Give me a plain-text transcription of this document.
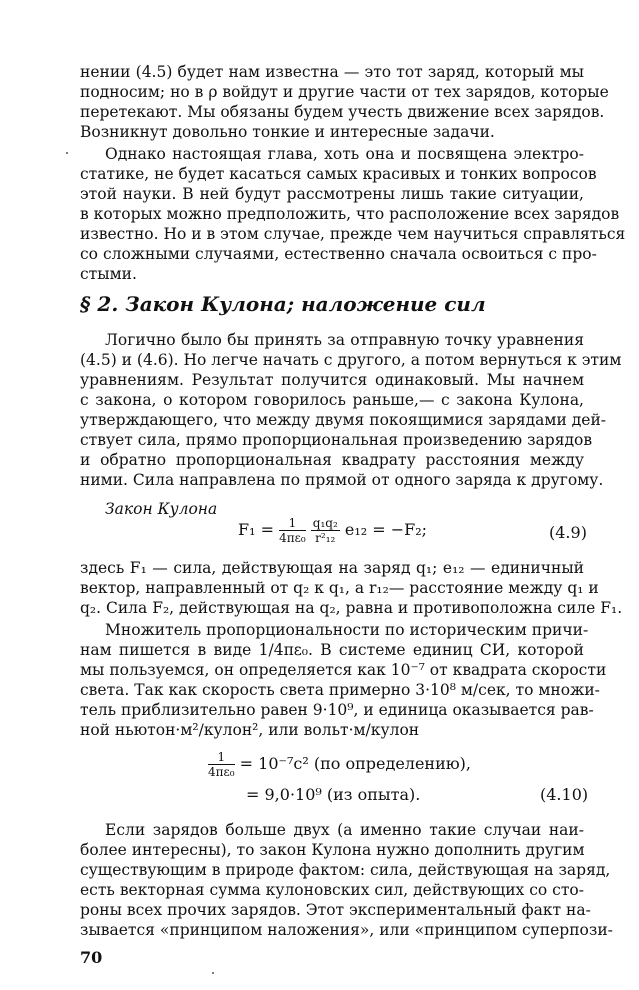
нении (4.5) будет нам известна — это тот заряд, который мы
подносим; но в ρ войдут и другие части от тех зарядов, которые
перетекают. Мы обязаны будем учесть движение всех зарядов.
Возникнут довольно тонкие и интересные задачи.
Однако настоящая глава, хоть она и посвящена электро-
статике, не будет касаться самых красивых и тонких вопросов
этой науки. В ней будут рассмотрены лишь такие ситуации,
в которых можно предположить, что расположение всех зарядов
известно. Но и в этом случае, прежде чем научиться справляться
со сложными случаями, естественно сначала освоиться с про-
стыми.
§ 2. Закон Кулона; наложение сил
Логично было бы принять за отправную точку уравнения
(4.5) и (4.6). Но легче начать с другого, а потом вернуться к этим
уравнениям. Результат получится одинаковый. Мы начнем
с закона, о котором говорилось раньше,— с закона Кулона,
утверждающего, что между двумя покоящимися зарядами дей-
ствует сила, прямо пропорциональная произведению зарядов
и обратно пропорциональная квадрату расстояния между
ними. Сила направлена по прямой от одного заряда к другому.
Закон Кулона
$F_1 = \frac{1}{\text{4πε₀}}$
$\frac{\text{q₁q₂}}{\text{r²₁₂}} e_{12} = -F_2$;	(4.9)
здесь F₁ — сила, действующая на заряд q₁; e₁₂ — единичный
вектор, направленный от q₂ к q₁, а r₁₂— расстояние между q₁ и
q₂. Сила F₂, действующая на q₂, равна и противоположна силе F₁.
Множитель пропорциональности по историческим причи-
нам пишется в виде 1/4πε₀. В системе единиц СИ, которой
мы пользуемся, он определяется как 10⁻⁷ от квадрата скорости
света. Так как скорость света примерно 3·10⁸ м/сек, то множи-
тель приблизительно равен 9·10⁹, и единица оказывается рав-
ной ньютон·м²/кулон², или вольт·м/кулон
$\frac{1}{\text{4πε₀}} = 10^{-7}c^2$ (по определению),
= 9,0·10⁹ (из опыта).	(4.10)
Если зарядов больше двух (а именно такие случаи наи-
более интересны), то закон Кулона нужно дополнить другим
существующим в природе фактом: сила, действующая на заряд,
есть векторная сумма кулоновских сил, действующих со сто-
роны всех прочих зарядов. Этот экспериментальный факт на-
зывается «принципом наложения», или «принципом суперпози-
70
